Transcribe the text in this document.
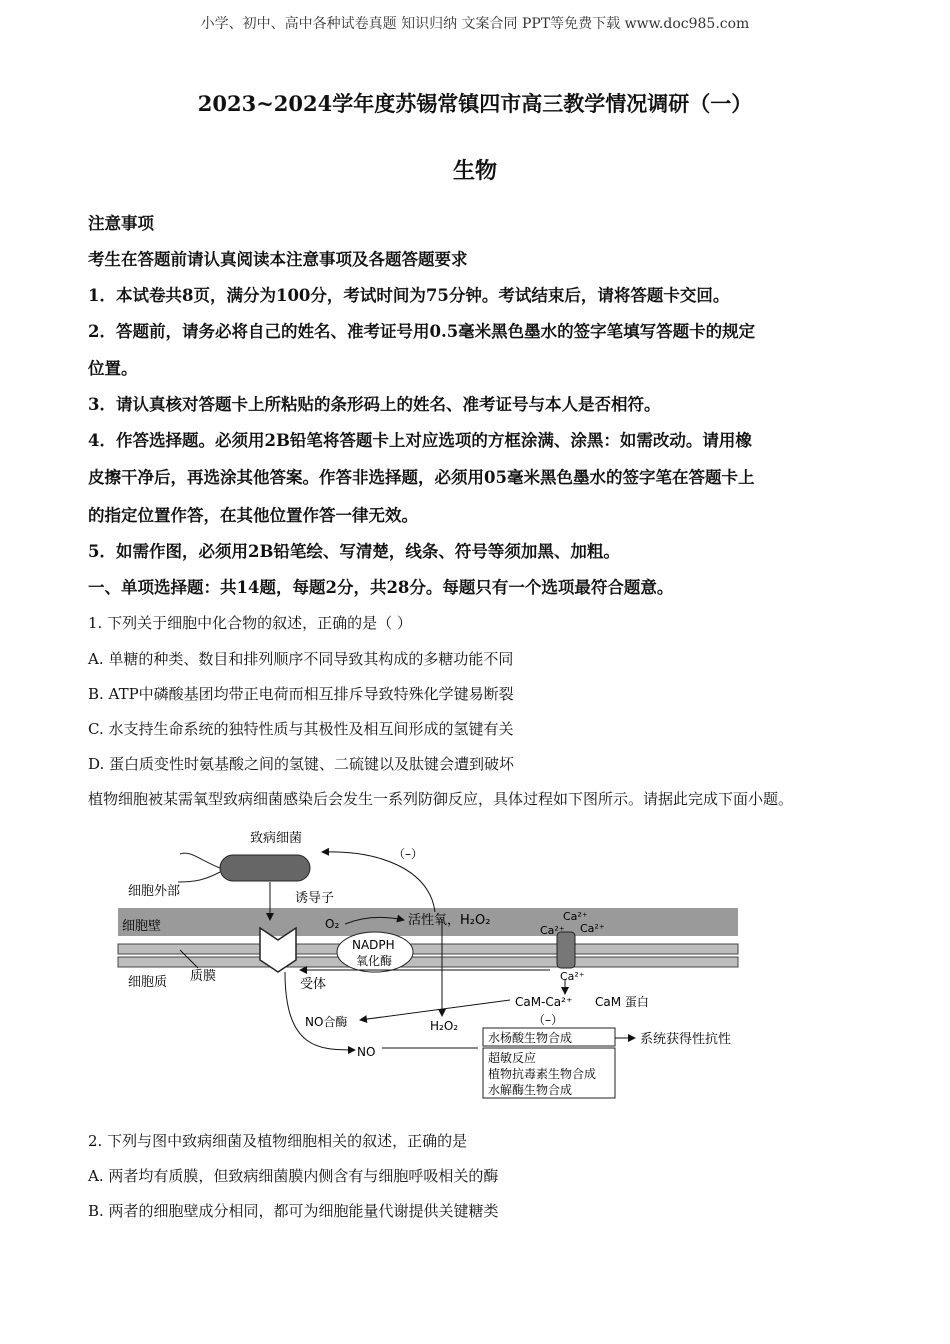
小学、初中、高中各种试卷真题 知识归纳 文案合同 PPT等免费下载 www.doc985.com
2023~2024学年度苏锡常镇四市高三教学情况调研（一）
生物
注意事项
考生在答题前请认真阅读本注意事项及各题答题要求
1．本试卷共8页，满分为100分，考试时间为75分钟。考试结束后，请将答题卡交回。
2．答题前，请务必将自己的姓名、准考证号用0.5毫米黑色墨水的签字笔填写答题卡的规定
位置。
3．请认真核对答题卡上所粘贴的条形码上的姓名、准考证号与本人是否相符。
4．作答选择题。必须用2B铅笔将答题卡上对应选项的方框涂满、涂黑：如需改动。请用橡
皮擦干净后，再选涂其他答案。作答非选择题，必须用05毫米黑色墨水的签字笔在答题卡上
的指定位置作答，在其他位置作答一律无效。
5．如需作图，必须用2B铅笔绘、写清楚，线条、符号等须加黑、加粗。
一、单项选择题：共14题，每题2分，共28分。每题只有一个选项最符合题意。
1. 下列关于细胞中化合物的叙述，正确的是（ ）
A. 单糖的种类、数目和排列顺序不同导致其构成的多糖功能不同
B. ATP中磷酸基团均带正电荷而相互排斥导致特殊化学键易断裂
C. 水支持生命系统的独特性质与其极性及相互间形成的氢键有关
D. 蛋白质变性时氨基酸之间的氢键、二硫键以及肽键会遭到破坏
植物细胞被某需氧型致病细菌感染后会发生一系列防御反应，具体过程如下图所示。请据此完成下面小题。
致病细菌
细胞外部	诱导子
（–）
细胞壁	O₂	活性氧，H₂O₂
NADPH
氧化酶
Ca²⁺
Ca²⁺ Ca²⁺
Ca²⁺
细胞质 质膜
受体
CaM-Ca²⁺ CaM 蛋白
（–）
NO合酶	H₂O₂
水杨酸生物合成	系统获得性抗性
NO	超敏反应
植物抗毒素生物合成
水解酶生物合成
2. 下列与图中致病细菌及植物细胞相关的叙述，正确的是
A. 两者均有质膜，但致病细菌膜内侧含有与细胞呼吸相关的酶
B. 两者的细胞壁成分相同，都可为细胞能量代谢提供关键糖类
